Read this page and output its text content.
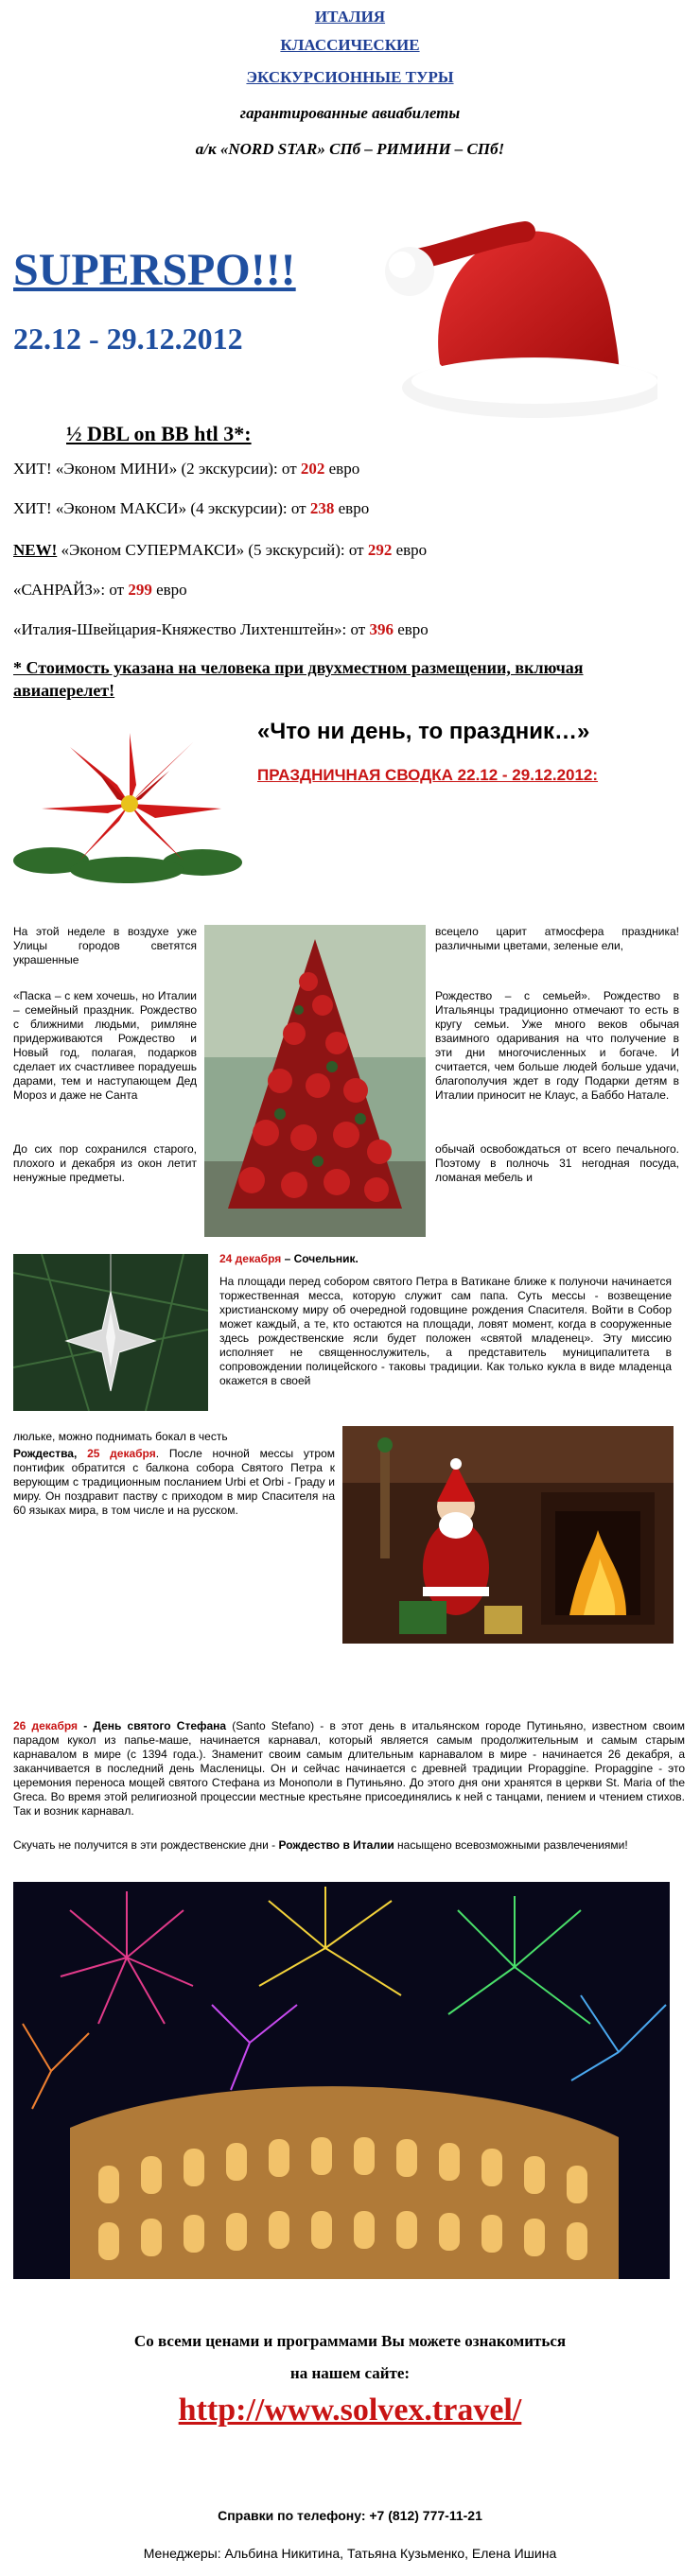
ИТАЛИЯ
КЛАССИЧЕСКИЕ
ЭКСКУРСИОННЫЕ ТУРЫ
гарантированные авиабилеты
а/к «NORD STAR» СПб – РИМИНИ – СПб!
SUPERSPO!!!
22.12 - 29.12.2012
½ DBL on BB htl 3*:
ХИТ! «Эконом МИНИ» (2 экскурсии): от 202 евро
ХИТ! «Эконом МАКСИ» (4 экскурсии): от 238 евро
NEW! «Эконом СУПЕРМАКСИ» (5 экскурсий): от 292 евро
«САНРАЙЗ»: от 299 евро
«Италия-Швейцария-Княжество Лихтенштейн»: от 396 евро
* Стоимость указана на человека при двухместном размещении, включая авиаперелет!
«Что ни день, то праздник…»
ПРАЗДНИЧНАЯ СВОДКА 22.12 - 29.12.2012:
На этой неделе в воздухе уже Улицы городов светятся украшенные
«Паска – с кем хочешь, но Италии – семейный праздник. Рождество с ближними людьми, римляне придерживаются Рождество и Новый год, полагая, подарков сделает их счастливее порадуешь дарами, тем и наступающем Дед Мороз и даже не Санта
До сих пор сохранился старого, плохого и декабря из окон летит ненужные предметы.
всецело царит атмосфера праздника! различными цветами, зеленые ели,
Рождество – с семьей». Рождество в Итальянцы традиционно отмечают то есть в кругу семьи. Уже много веков обычая взаимного одаривания на что получение в эти дни многочисленных и богаче. И считается, чем больше людей больше удачи, благополучия ждет в году Подарки детям в Италии приносит не Клаус, а Баббо Натале.
обычай освобождаться от всего печального. Поэтому в полночь 31 негодная посуда, ломаная мебель и
24 декабря – Сочельник.
На площади перед собором святого Петра в Ватикане ближе к полуночи начинается торжественная месса, которую служит сам папа. Суть мессы - возвещение христианскому миру об очередной годовщине рождения Спасителя. Войти в Собор может каждый, а те, кто остаются на площади, ловят момент, когда в сооруженные здесь рождественские ясли будет положен «святой младенец». Эту миссию исполняет не священнослужитель, а представитель муниципалитета в сопровождении полицейского - таковы традиции. Как только кукла в виде младенца окажется в своей
люльке, можно поднимать бокал в честь
Рождества, 25 декабря. После ночной мессы утром понтифик обратится с балкона собора Святого Петра к верующим с традиционным посланием Urbi et Orbi - Граду и миру. Он поздравит паству с приходом в мир Спасителя на 60 языках мира, в том числе и на русском.
26 декабря - День святого Стефана (Santo Stefano) - в этот день в итальянском городе Путиньяно, известном своим парадом кукол из папье-маше, начинается карнавал, который является самым продолжительным и самым старым карнавалом в мире (с 1394 года.). Знаменит своим самым длительным карнавалом в мире - начинается 26 декабря, а заканчивается в последний день Масленицы. Он и сейчас начинается с древней традиции Propaggine. Propaggine - это церемония переноса мощей святого Стефана из Монополи в Путиньяно. До этого дня они хранятся в церкви St. Maria of the Greca. Во время этой религиозной процессии местные крестьяне присоединялись к ней с танцами, пением и чтением стихов. Так и возник карнавал.
Скучать не получится в эти рождественские дни - Рождество в Италии насыщено всевозможными развлечениями!
Со всеми ценами и программами Вы можете ознакомиться
на нашем сайте:
http://www.solvex.travel/
Справки по телефону: +7 (812) 777-11-21
Менеджеры: Альбина Никитина, Татьяна Кузьменко, Елена Ишина
